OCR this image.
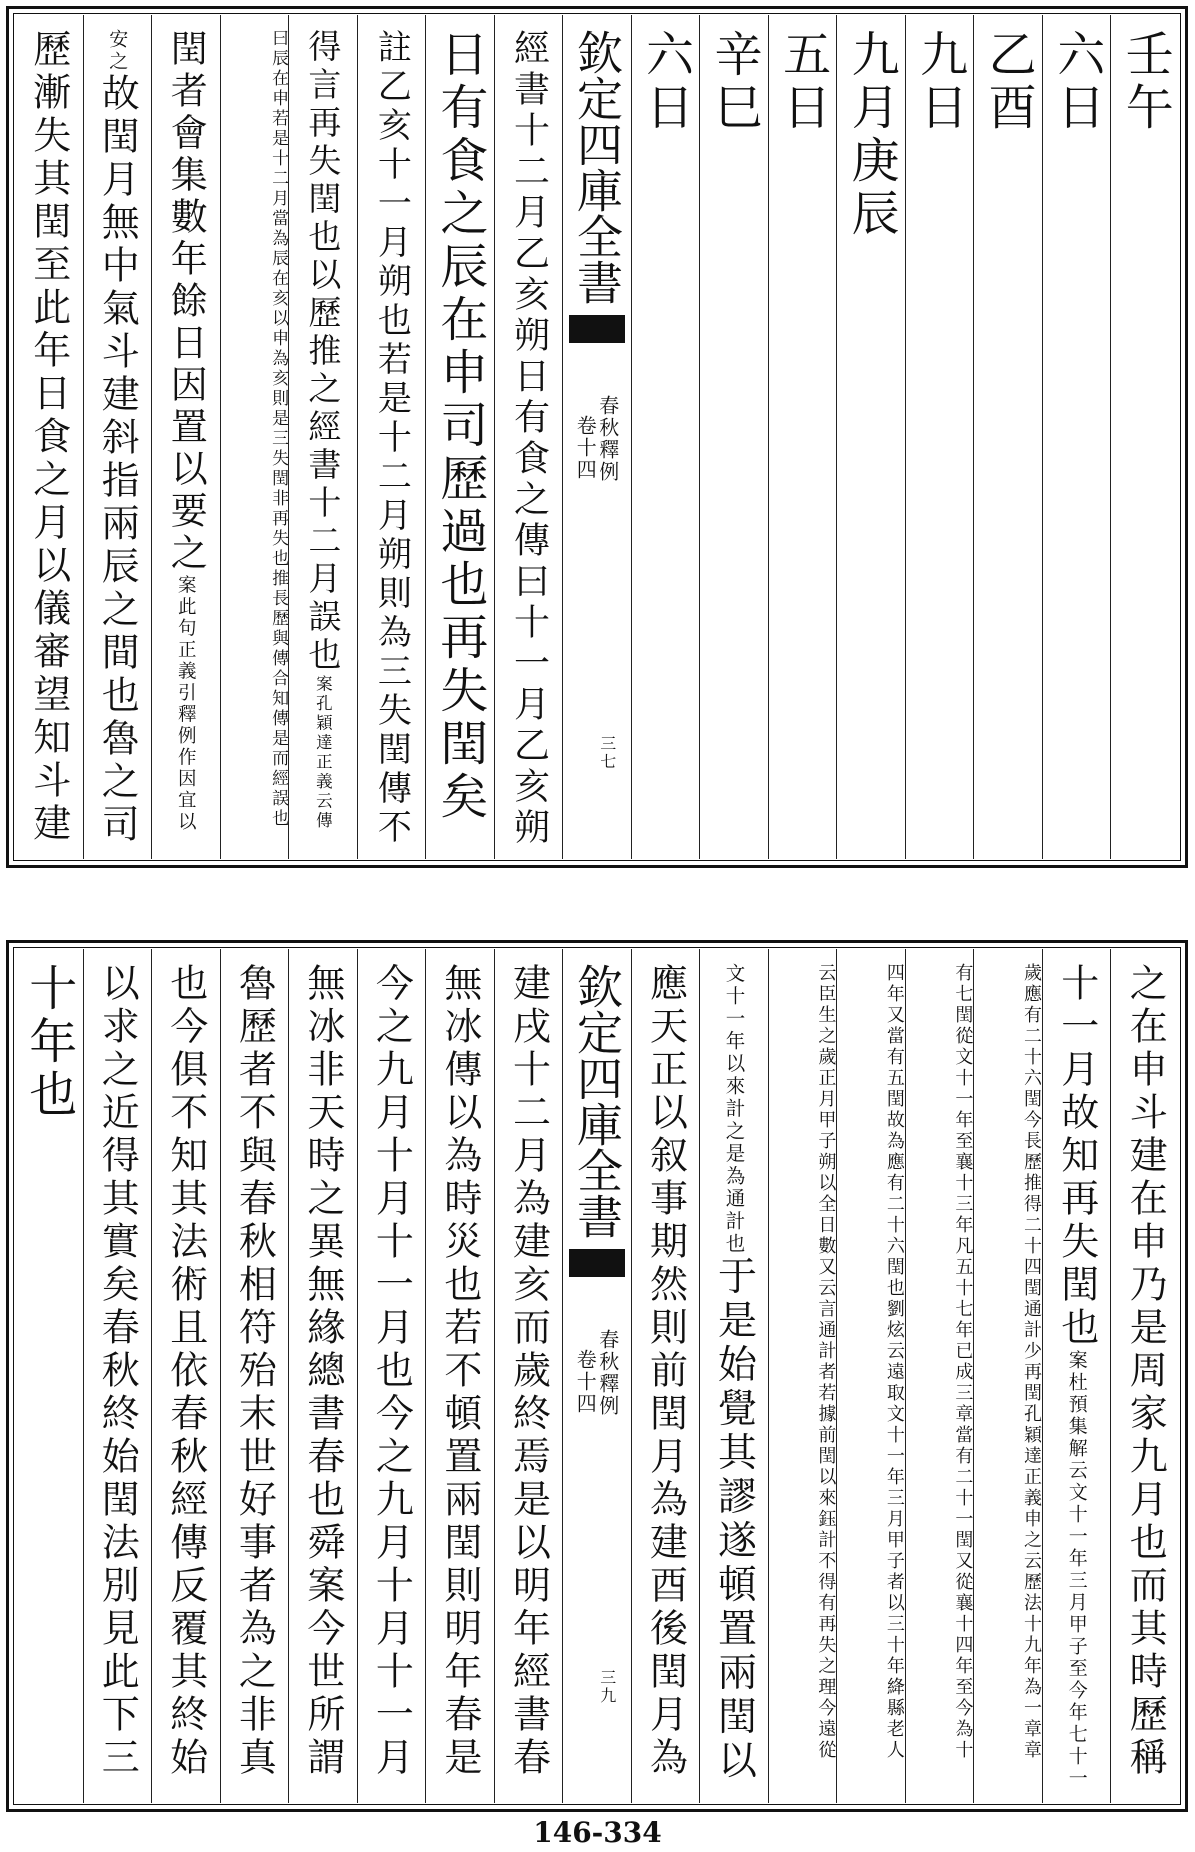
壬午
六日
乙酉
九日
九月庚辰
五日
辛巳
六日
欽定四庫全書
春秋釋例
卷十四
三七
經書十二月乙亥朔日有食之傳曰十一月乙亥朔
日有食之辰在申司歷過也再失閏矣
註乙亥十一月朔也若是十二月朔則為三失閏傳不
得言再失閏也以歷推之經書十二月誤也案孔穎達正義云傳
曰辰在申若是十二月當為辰在亥以申為亥則是三失閏非再失也推長歷與傳合知傳是而經誤也
閏者會集數年餘日因置以要之案此句正義引釋例作因宜以
安之故閏月無中氣斗建斜指兩辰之間也魯之司
歷漸失其閏至此年日食之月以儀審望知斗建
之在申斗建在申乃是周家九月也而其時歷稱
十一月故知再失閏也案杜預集解云文十一年三月甲子至今年七十一
歲應有二十六閏今長歷推得二十四閏通計少再閏孔穎達正義申之云歷法十九年為一章章
有七閏從文十一年至襄十三年凡五十七年已成三章當有二十一閏又從襄十四年至今為十
四年又當有五閏故為應有二十六閏也劉炫云遠取文十一年三月甲子者以三十年絳縣老人
云臣生之歲正月甲子朔以全日數又云言通計者若據前閏以來鈺計不得有再失之理今遠從
文十一年以來計之是為通計也于是始覺其謬遂頓置兩閏以
應天正以叙事期然則前閏月為建酉後閏月為
欽定四庫全書
春秋釋例
卷十四
三九
建戌十二月為建亥而歲終焉是以明年經書春
無冰傳以為時災也若不頓置兩閏則明年春是
今之九月十月十一月也今之九月十月十一月
無冰非天時之異無緣總書春也舜案今世所謂
魯歷者不與春秋相符殆末世好事者為之非真
也今俱不知其法術且依春秋經傳反覆其終始
以求之近得其實矣春秋終始閏法別見此下三
十年也
146-334
